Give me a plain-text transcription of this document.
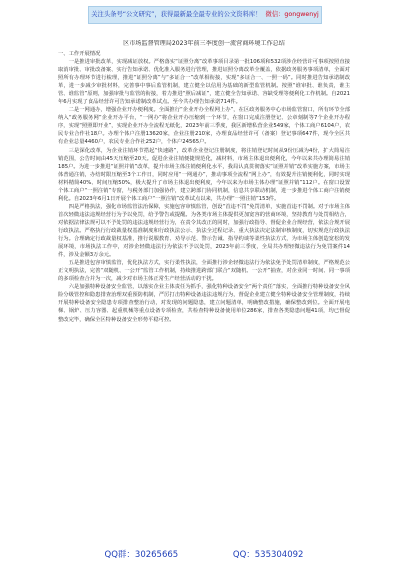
关注头条号“公文研究”，获得最新最全最专业的公文资料库！ 微信：gongwenyj
区市场监督管理局2023年前三季度创一流营商环境工作总结
一、工作开展情况

一是推进审批改革，实现减证放权。严格落实“证照分离”改革事项目录第一批106项和532项涉企经营许可事项按照直接取消审批、审批改备案、实行告知承诺、优化准入服务进行管理，推进证照分离改革全覆盖，依据政务服务事项清单，全面对照所有办理环节进行梳理，推进“证照分离”与“多证合一”改革相衔接，实现“多证合一、一照一码”。同时推进告知承诺制改革，进一步减少审批材料，完善事中事后监管机制，建立健全以信用为基础的新型监管机制。按照“谁审批、谁负责，谁主管、谁监管”原则，加强审批与监管的衔接，着力推进“照后减证”，建立健全告知承诺、容缺受理等便利化工作机制。自2021年6月实现了食品经营许可告知承诺制改革试点。至今共办理告知承诺714件。

二是一网通办，增强企业开办便利度。全面推行“企业开办全程网上办”，在区政务服务中心市场监管窗口，所有环节全部纳入“政务服务网”企业开办平台，“一网办”将企业开办压缩到一个环节，在窗口完成注册登记、公章刻制等7个企业开办程序，实现“照照即开业”，实现企业开办全流程无纸化，2023年前三季度，我区新增私营企业549家，个体工商户6104户，农民专业合作社18户。办理个体户注册13620家，企业注册210家，办理食品经营许可（备案）登记事项647件，现今全区共有企业总量4460户，农民专业合作社252户，个体户24565户。

三是深化改革，为企业注销环节搭起“快速路”，改革企业登记注册制度，将注销登记时间从9份压减为4份，扩大简易注销范围，公告时间由45天压缩至20天。促进企业注销便捷规范化，减材料，市场主体退出便利化，今年以来共办理简易注销185户。为进一步推进“证照并销”改革，提升市场主体注销便利化水平，我局认真贯彻落实“证照并销”改革实施方案，市场主体普通注销，办结时限压缩至3个工作日，同时应用“一网通办”，推动事项全流程“网上办”，有效提升注销便利化，同时实现材料精简40%、时间压缩50%，极大提升了市场主体退出便利度，今年以来为市场主体办理“证照并销”112户。在窗口设置个体工商户“一照注销”专窗，与税务部门加强协作，建立跨部门协同机制，信息共享联动机制，进一步推进个体工商户注销便利化。自2023年6月1日开展个体工商户“一照注销”改革试点以来，共办理“一照注销”153件。

四是严格执法，强化市场监管法治保障，实施包容审慎监管，创设“首违不罚”免罚清单，实施首违不罚制。对于市场主体首次轻微违法违规经营行为予以免罚，给予警告或提醒。为各类市场主体提供更加宽容的营商环境，坚持教育与处罚相结合，对依据法律法规可以不予处罚的违法违规经营行为，在责令其改正的同时，加强行政指导、督促企业合规经营，依法合规开展行政执法。严格执行行政裁量权基准制度和行政执法公示、执法全过程记录、重大执法决定法制审核制度，切实规范行政执法行为。合理确定行政裁量权基准，推行说服教育、劝导示范、警示告诫、指导约谈等柔性执法方式，为市场主体创造宽松的发展环境，市场执法工作中，对涉企轻微违法行为依法不予以处罚，2023年前三季度，全局共办理轻微违法行为免罚案件14件，涉及金额3万余元。

五是推进包容审慎监管，优化执法方式，实行柔性执法，全面推行涉企轻微违法行为依法免予处罚清单制度，严格规范公正文明执法，完善“双随机、一公开”监管工作机制，持续推进跨部门联合“双随机、一公开”抽查，对企业同一时间、同一事项的多项检查合并为一次，减少对市场主体正常生产经营活动的干扰。

六是加强特种设备安全监管，以落实企业主体责任为抓手，强化特种设备安全“两个责任”落实，全面推行特种设备安全风险分级管控和隐患排查治理双重预防机制，严厉打击特种设备违法违规行为，督促企业建立健全特种设备安全管理制度，持续开展特种设备安全隐患专项排查整治行动，对发现的问题隐患，建立问题清单，明确整改措施，确保整改到位。全面开展电梯、锅炉、压力容器、起重机械等重点设备专项检查，共检查特种设备使用单位286家，排查各类隐患问题41项，均已督促整改完毕，确保全区特种设备安全形势平稳可控。

QQ群：30265665	QQ：535304092
